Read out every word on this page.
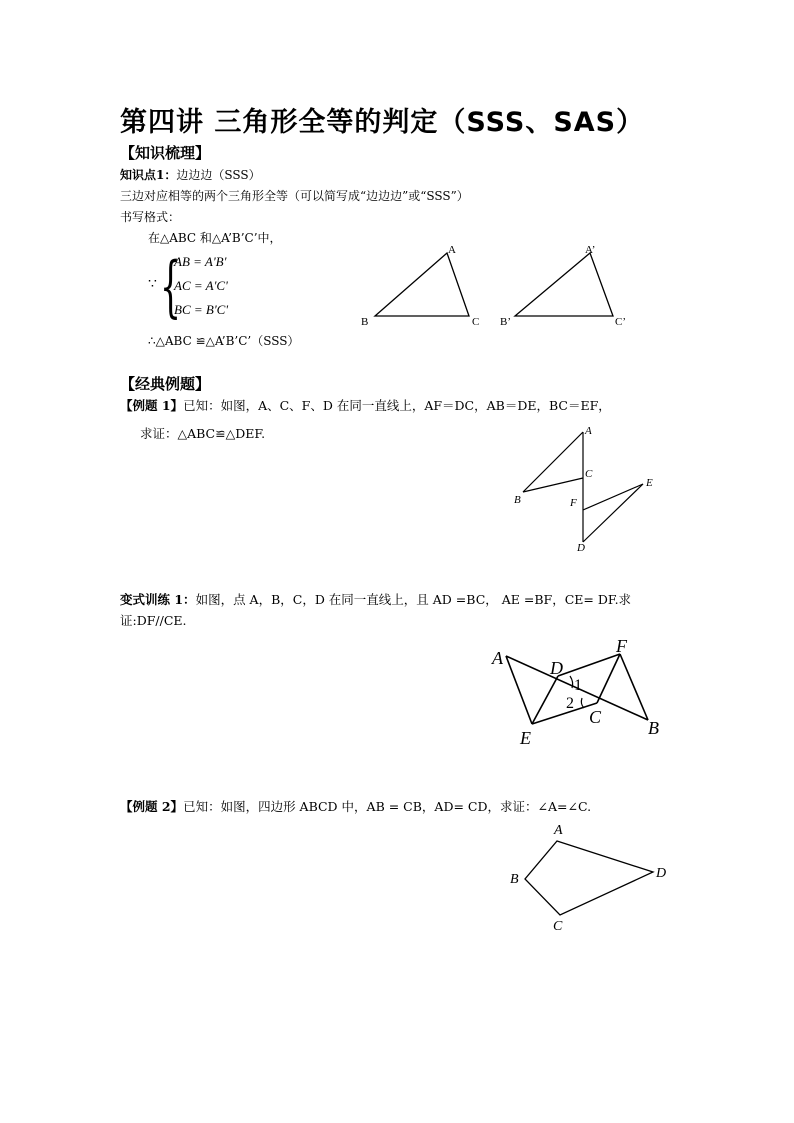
第四讲 三角形全等的判定（SSS、SAS）
【知识梳理】
知识点1：边边边（SSS）
三边对应相等的两个三角形全等（可以简写成“边边边”或“SSS”）
书写格式：
在△ABC 和△A’B’C’中，
∵ {
AB = A'B'
AC = A'C'
BC = B'C'
∴△ABC ≌△A’B’C’（SSS）
A
B	C
A’
B’	C’
【经典例题】
【例题 1】已知：如图，A、C、F、D 在同一直线上，AF＝DC，AB＝DE，BC＝EF，
求证：△ABC≌△DEF.	A
B
C
D
E
F
变式训练 1：如图，点 A，B，C，D 在同一直线上，且 AD =BC， AE =BF，CE= DF.求
证:DF//CE.
A
B
C
D
E
F
1
2
【例题 2】已知：如图，四边形 ABCD 中，AB = CB，AD= CD，求证：∠A=∠C.
A
B
C
D
